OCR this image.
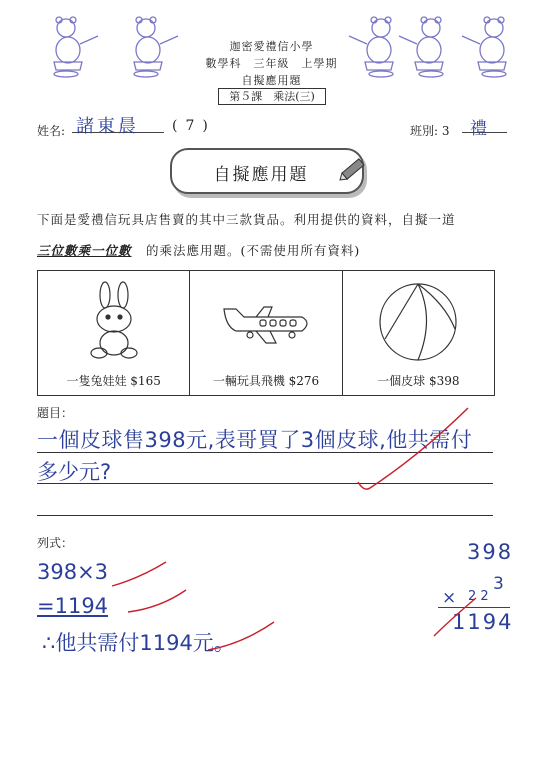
迦密愛禮信小學
數學科　三年級　上學期
自擬應用題
第５課　乘法(三)
姓名: 諸東晨 (7)	班別: 3 禮
自擬應用題
下面是愛禮信玩具店售賣的其中三款貨品。利用提供的資料，自擬一道
三位數乘一位數 的乘法應用題。(不需使用所有資料)
一隻兔娃娃 $165	一輛玩具飛機 $276	一個皮球 $398
題目：
一個皮球售398元,表哥買了3個皮球,他共需付
多少元?
列式：
398×3
=1194
∴他共需付1194元。
398
× 2 2
3
1194
